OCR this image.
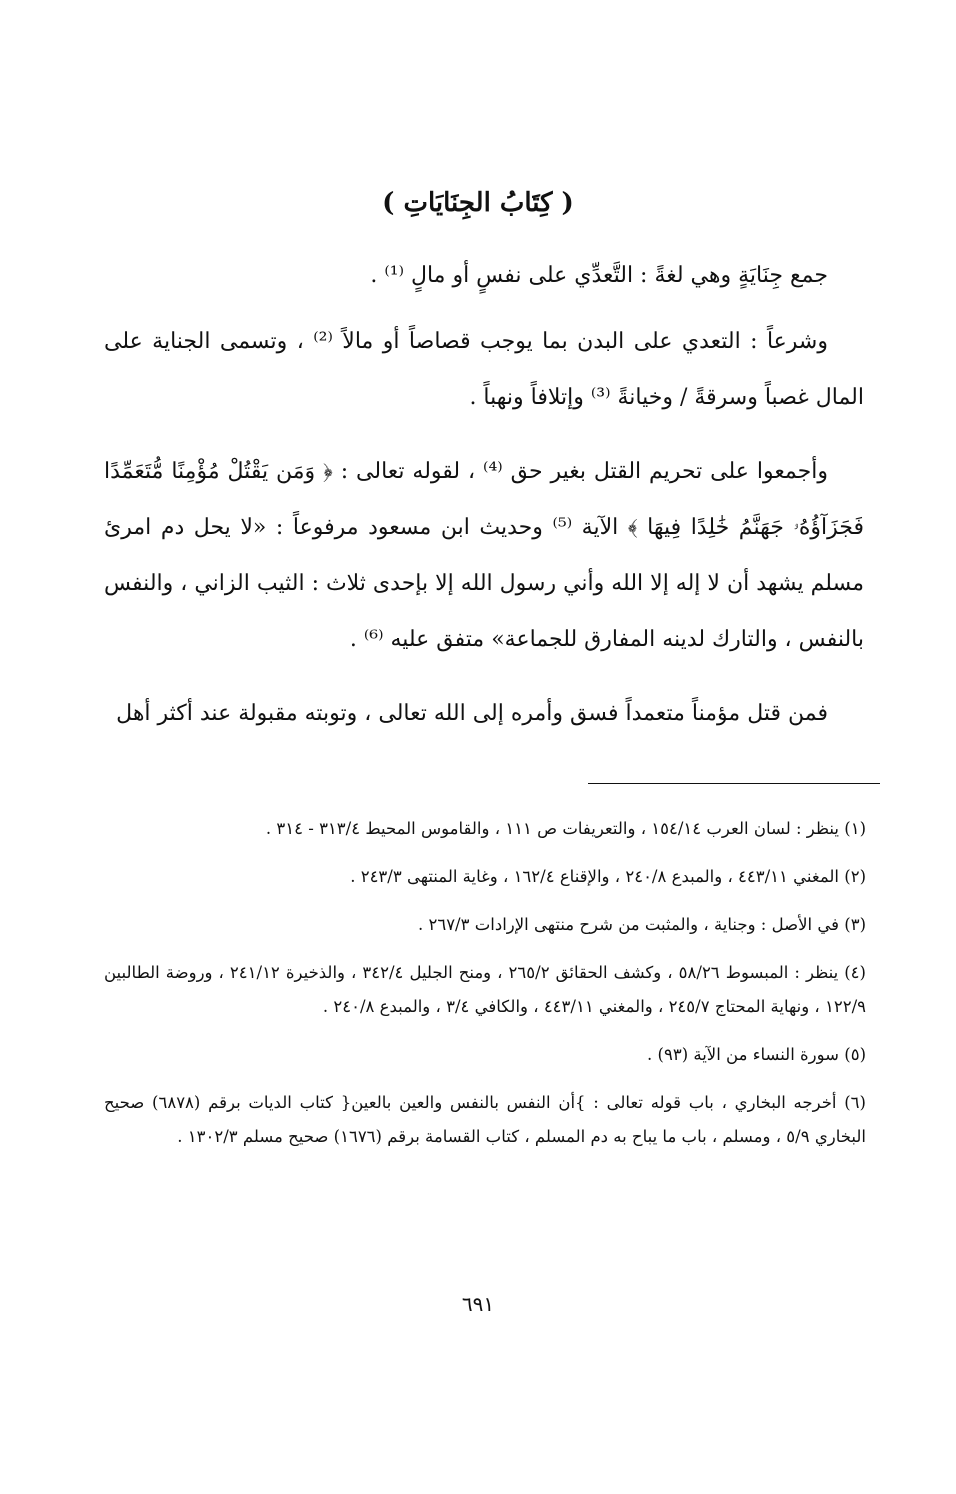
( كِتَابُ الجِنَايَاتِ )

جمع جِنَايَةٍ وهي لغةً : التَّعدِّي على نفسٍ أو مالٍ ⁽¹⁾ .

وشرعاً : التعدي على البدن بما يوجب قصاصاً أو مالاً ⁽²⁾ ، وتسمى الجناية على المال غصباً وسرقةً / وخيانةً ⁽³⁾ وإتلافاً ونهباً .

وأجمعوا على تحريم القتل بغير حق ⁽⁴⁾ ، لقوله تعالى : ﴿ وَمَن يَقْتُلْ مُؤْمِنًا مُّتَعَمِّدًا فَجَزَآؤُهُۥ جَهَنَّمُ خَٰلِدًا فِيهَا ﴾ الآية ⁽⁵⁾ وحديث ابن مسعود مرفوعاً : «لا يحل دم امرئ مسلم يشهد أن لا إله إلا الله وأني رسول الله إلا بإحدى ثلاث : الثيب الزاني ، والنفس بالنفس ، والتارك لدينه المفارق للجماعة» متفق عليه ⁽⁶⁾ .

فمن قتل مؤمناً متعمداً فسق وأمره إلى الله تعالى ، وتوبته مقبولة عند أكثر أهل

(١) ينظر : لسان العرب ١٥٤/١٤ ، والتعريفات ص ١١١ ، والقاموس المحيط ٣١٣/٤ - ٣١٤ .

(٢) المغني ٤٤٣/١١ ، والمبدع ٢٤٠/٨ ، والإقناع ١٦٢/٤ ، وغاية المنتهى ٢٤٣/٣ .

(٣) في الأصل : وجناية ، والمثبت من شرح منتهى الإرادات ٢٦٧/٣ .

(٤) ينظر : المبسوط ٥٨/٢٦ ، وكشف الحقائق ٢٦٥/٢ ، ومنح الجليل ٣٤٢/٤ ، والذخيرة ٢٤١/١٢ ، وروضة الطالبين ١٢٢/٩ ، ونهاية المحتاج ٢٤٥/٧ ، والمغني ٤٤٣/١١ ، والكافي ٣/٤ ، والمبدع ٢٤٠/٨ .

(٥) سورة النساء من الآية (٩٣) .

(٦) أخرجه البخاري ، باب قوله تعالى : }أن النفس بالنفس والعين بالعين{ كتاب الديات برقم (٦٨٧٨) صحيح البخاري ٥/٩ ، ومسلم ، باب ما يباح به دم المسلم ، كتاب القسامة برقم (١٦٧٦) صحيح مسلم ١٣٠٢/٣ .

٦٩١
